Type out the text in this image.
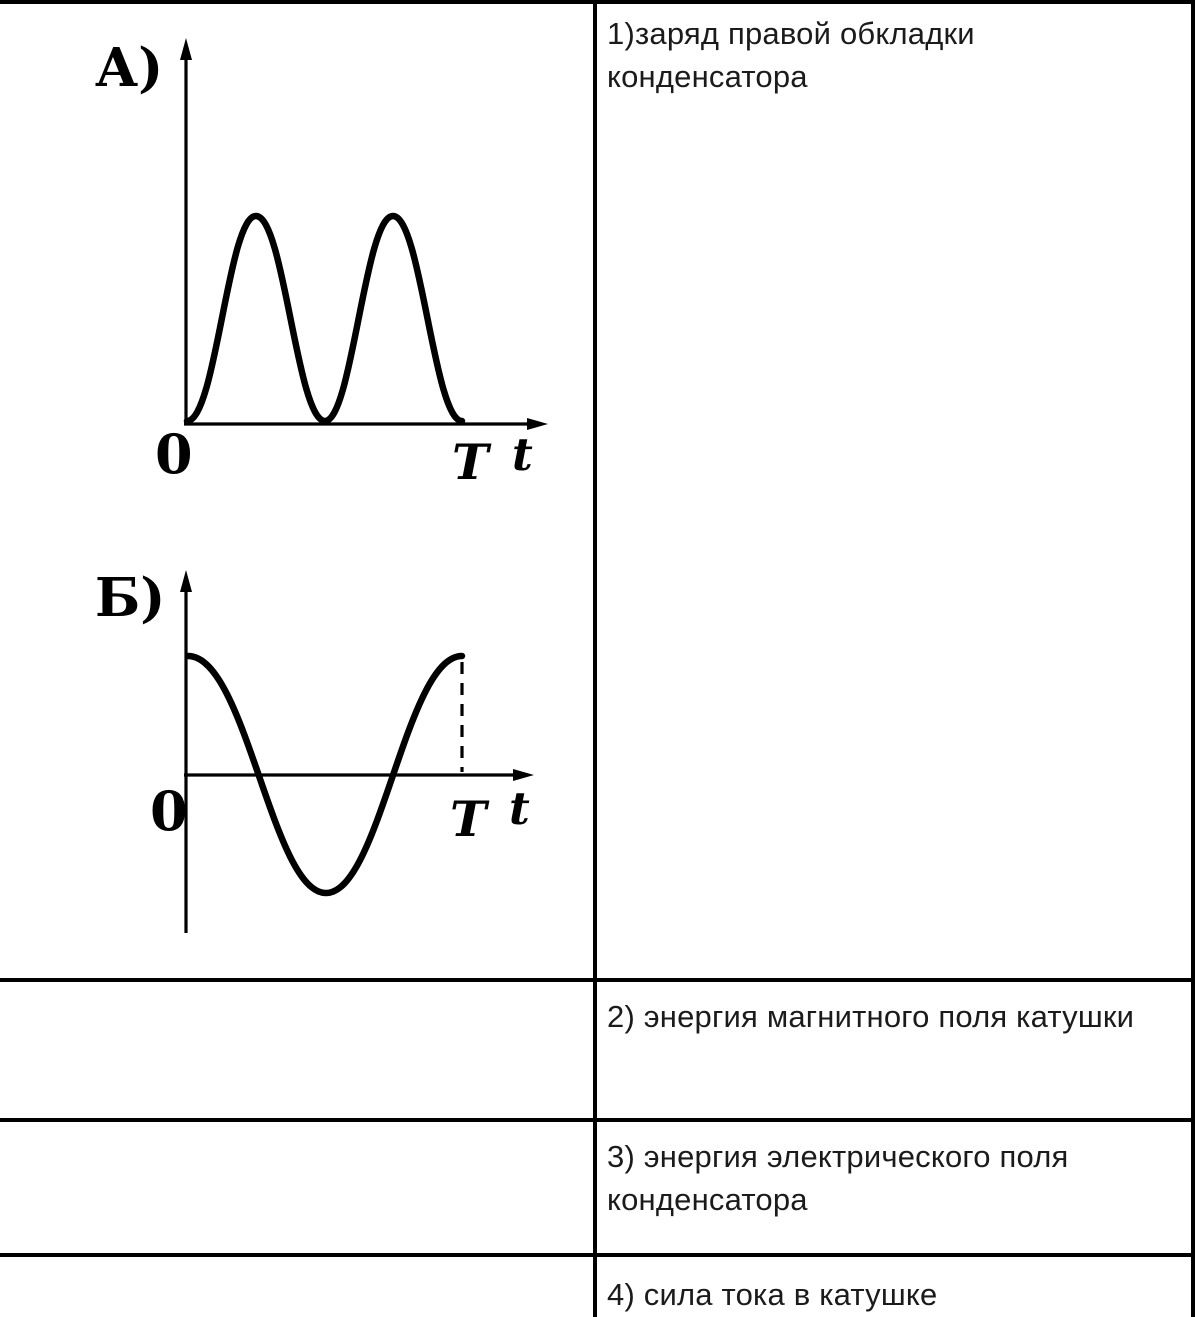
А)
0	T t
Б)
0	T t
1)заряд правой обкладки
конденсатора
2) энергия магнитного поля катушки
3) энергия электрического поля
конденсатора
4) сила тока в катушке
